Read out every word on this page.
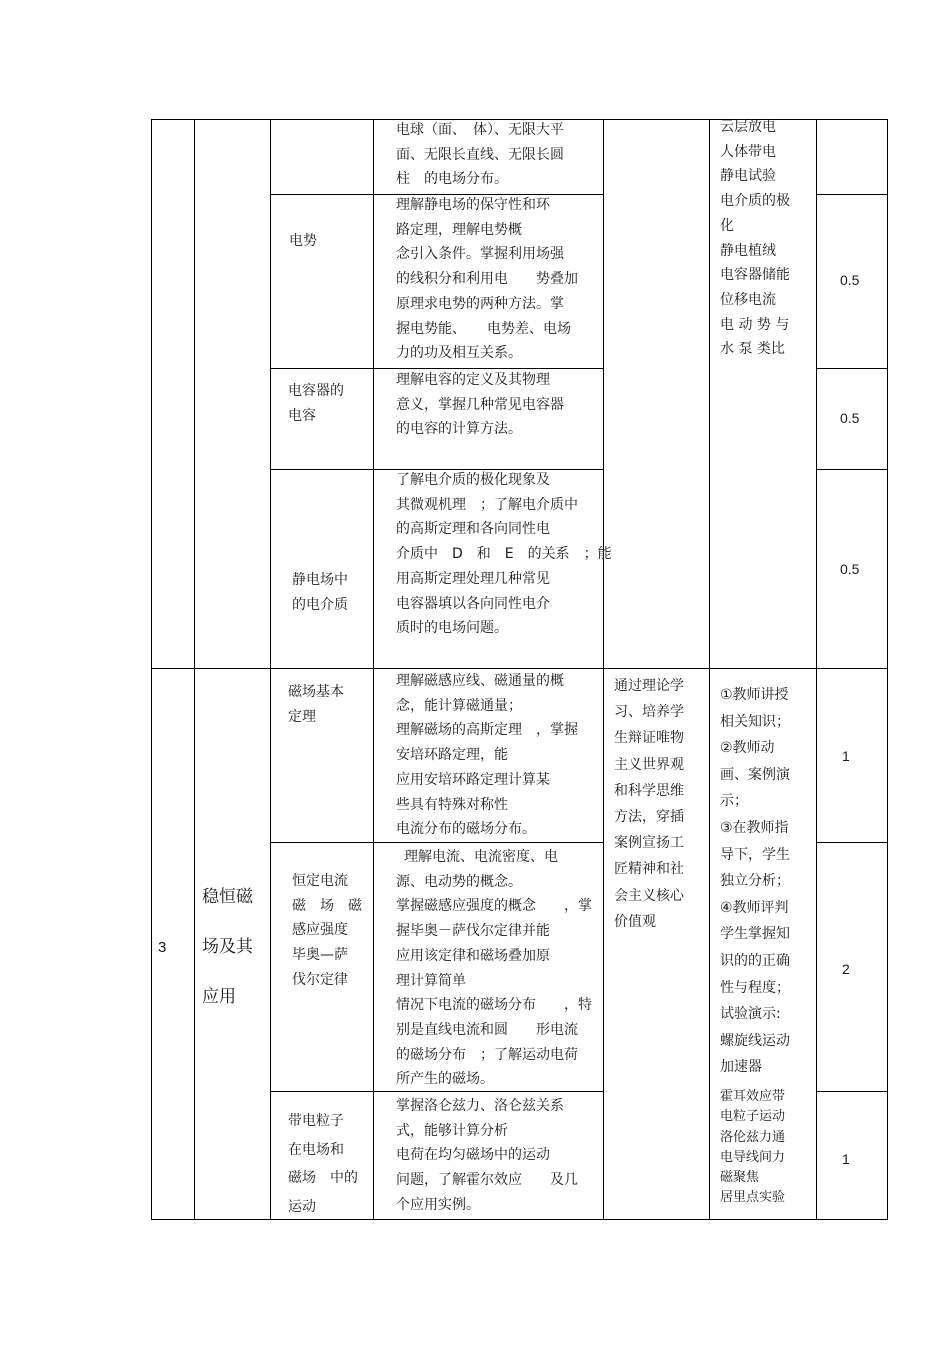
电球（面、　体）、无限大平
面、无限长直线、无限长圆
柱　的电场分布。
电势
理解静电场的保守性和环
路定理，理解电势概
念引入条件。掌握利用场强
的线积分和利用电　　势叠加
原理求电势的两种方法。掌
握电势能、　　电势差、电场
力的功及相互关系。
0.5
电容器的
电容
理解电容的定义及其物理
意义，掌握几种常见电容器
的电容的计算方法。
0.5
静电场中
的电介质
了解电介质的极化现象及
其微观机理　；了解电介质中
的高斯定理和各向同性电
介质中　D　和　E　的关系　；能
用高斯定理处理几种常见
电容器填以各向同性电介
质时的电场问题。
0.5
云层放电
人体带电
静电试验
电介质的极
化
静电植绒
电容器储能
位移电流
电 动 势 与
水 泵 类比
3
稳恒磁
场及其
应用
磁场基本
定理
理解磁感应线、磁通量的概
念，能计算磁通量；
理解磁场的高斯定理　，掌握
安培环路定理，能
应用安培环路定理计算某
些具有特殊对称性
电流分布的磁场分布。
1
恒定电流
磁　场　磁
感应强度
毕奥—萨
伐尔定律
理解电流、电流密度、电
源、电动势的概念。
掌握磁感应强度的概念　　，掌
握毕奥－萨伐尔定律并能
应用该定律和磁场叠加原
理计算简单
情况下电流的磁场分布　　，特
别是直线电流和圆　　形电流
的磁场分布　；了解运动电荷
所产生的磁场。
2
带电粒子
在电场和
磁场　中的
运动
掌握洛仑兹力、洛仑兹关系
式，能够计算分析
电荷在均匀磁场中的运动
问题，了解霍尔效应　　及几
个应用实例。
1
通过理论学
习、培养学
生辩证唯物
主义世界观
和科学思维
方法，穿插
案例宣扬工
匠精神和社
会主义核心
价值观
①教师讲授
相关知识；
②教师动
画、案例演
示；
③在教师指
导下，学生
独立分析；
④教师评判
学生掌握知
识的的正确
性与程度；
试验演示:
螺旋线运动
加速器
霍耳效应带
电粒子运动
洛伦兹力通
电导线间力
磁聚焦
居里点实验
